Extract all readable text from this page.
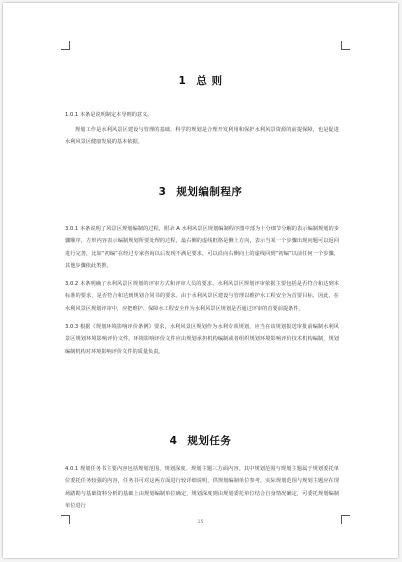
1 总 则
1.0.1 本条是说明制定本导则的意义。
规划工作是水利风景区建设与管理的基础，科学的规划是合理开发利用和保护水利风景资源的前提保障，也是促进水利风景区健康发展的基本依据。
3 规划编制程序
3.0.1 本条说明了风景区规划编制的过程，附录 A 水利风景区规划编制程序图中部为十分细节分解的表示编制规划的步骤顺序，方形内容表示编制规划所要处理的过程，最右侧的虚线框格是侧上方向，表示当某一个步骤出现问题可以返回进行完善，比如“初编”在经过专家咨询以后发现不满足要求，可以沿向右侧向上的虚线回到“初编”以前任何一个步骤，其他步骤依此类推。
3.0.2 本条明确了水利风景区规划的评审方式和评审人员的要求。水利风景区规划评审依据主要包括是否符合和达到本标准的要求，是否符合和达到规划合同书的要求。由于水利风景区建设与管理以维护水工程安全为首要目标，因此，在水利风景区规划评审中，应把维护、保障水工程安全作为水利风景区规划是否通过评审的首要前提条件。
3.0.3 根据《规划环境影响评价条例》要求，水利风景区规划作为水利专项规划，应当在该规划报送审批前编制水利风景区规划环境影响评价文件。环境影响评价文件应由规划承担机构编制或者组织规划环境影响评价技术机构编制，规划编制机构对环境影响评价文件的质量负责。
4 规划任务
4.0.1 规划任务书主要内容包括规划范围、规划深度、规划主题三方面内容。其中规划范围与规划主题属于规划委托单位委托任务较强的内容，任务书可对这两方面进行较详细说明，供规划编制单位参考，实际规划范围与规划主题应在现场踏勘与基础资料分析的基础上由规划编制单位确定，规划深度则由规划委托单位结合自身情况确定，可委托规划编制单位进行
15
